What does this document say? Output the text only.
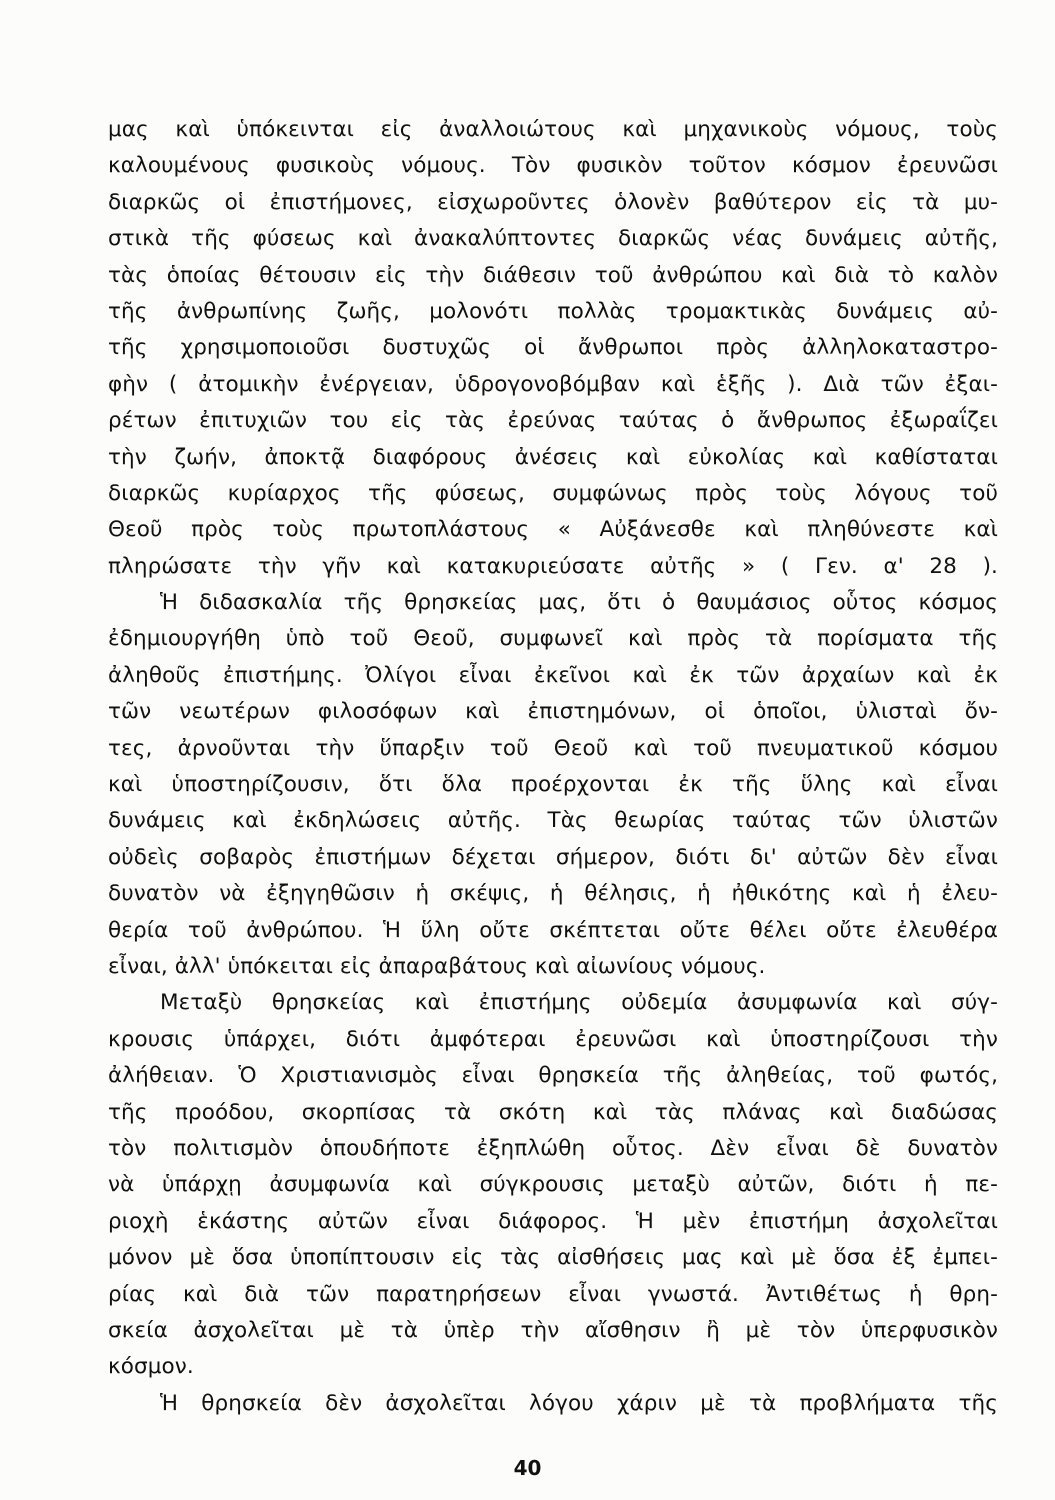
μας καὶ ὑπόκεινται εἰς ἀναλλοιώτους καὶ μηχανικοὺς νόμους, τοὺς
καλουμένους φυσικοὺς νόμους. Τὸν φυσικὸν τοῦτον κόσμον ἐρευνῶσι
διαρκῶς οἱ ἐπιστήμονες, εἰσχωροῦντες ὁλονὲν βαθύτερον εἰς τὰ μυ-
στικὰ τῆς φύσεως καὶ ἀνακαλύπτοντες διαρκῶς νέας δυνάμεις αὐτῆς,
τὰς ὁποίας θέτουσιν εἰς τὴν διάθεσιν τοῦ ἀνθρώπου καὶ διὰ τὸ καλὸν
τῆς ἀνθρωπίνης ζωῆς, μολονότι πολλὰς τρομακτικὰς δυνάμεις αὐ-
τῆς χρησιμοποιοῦσι δυστυχῶς οἱ ἄνθρωποι πρὸς ἀλληλοκαταστρο-
φὴν ( ἀτομικὴν ἐνέργειαν, ὑδρογονοβόμβαν καὶ ἑξῆς ). Διὰ τῶν ἐξαι-
ρέτων ἐπιτυχιῶν του εἰς τὰς ἐρεύνας ταύτας ὁ ἄνθρωπος ἐξωραΐζει
τὴν ζωήν, ἀποκτᾷ διαφόρους ἀνέσεις καὶ εὐκολίας καὶ καθίσταται
διαρκῶς κυρίαρχος τῆς φύσεως, συμφώνως πρὸς τοὺς λόγους τοῦ
Θεοῦ πρὸς τοὺς πρωτοπλάστους « Αὐξάνεσθε καὶ πληθύνεστε καὶ
πληρώσατε τὴν γῆν καὶ κατακυριεύσατε αὐτῆς » ( Γεν. α' 28 ).
Ἡ διδασκαλία τῆς θρησκείας μας, ὅτι ὁ θαυμάσιος οὗτος κόσμος
ἐδημιουργήθη ὑπὸ τοῦ Θεοῦ, συμφωνεῖ καὶ πρὸς τὰ πορίσματα τῆς
ἀληθοῦς ἐπιστήμης. Ὀλίγοι εἶναι ἐκεῖνοι καὶ ἐκ τῶν ἀρχαίων καὶ ἐκ
τῶν νεωτέρων φιλοσόφων καὶ ἐπιστημόνων, οἱ ὁποῖοι, ὑλισταὶ ὄν-
τες, ἀρνοῦνται τὴν ὕπαρξιν τοῦ Θεοῦ καὶ τοῦ πνευματικοῦ κόσμου
καὶ ὑποστηρίζουσιν, ὅτι ὅλα προέρχονται ἐκ τῆς ὕλης καὶ εἶναι
δυνάμεις καὶ ἐκδηλώσεις αὐτῆς. Τὰς θεωρίας ταύτας τῶν ὑλιστῶν
οὐδεὶς σοβαρὸς ἐπιστήμων δέχεται σήμερον, διότι δι' αὐτῶν δὲν εἶναι
δυνατὸν νὰ ἐξηγηθῶσιν ἡ σκέψις, ἡ θέλησις, ἡ ἠθικότης καὶ ἡ ἐλευ-
θερία τοῦ ἀνθρώπου. Ἡ ὕλη οὔτε σκέπτεται οὔτε θέλει οὔτε ἐλευθέρα
εἶναι, ἀλλ' ὑπόκειται εἰς ἀπαραβάτους καὶ αἰωνίους νόμους.
Μεταξὺ θρησκείας καὶ ἐπιστήμης οὐδεμία ἀσυμφωνία καὶ σύγ-
κρουσις ὑπάρχει, διότι ἀμφότεραι ἐρευνῶσι καὶ ὑποστηρίζουσι τὴν
ἀλήθειαν. Ὁ Χριστιανισμὸς εἶναι θρησκεία τῆς ἀληθείας, τοῦ φωτός,
τῆς προόδου, σκορπίσας τὰ σκότη καὶ τὰς πλάνας καὶ διαδώσας
τὸν πολιτισμὸν ὁπουδήποτε ἐξηπλώθη οὗτος. Δὲν εἶναι δὲ δυνατὸν
νὰ ὑπάρχῃ ἀσυμφωνία καὶ σύγκρουσις μεταξὺ αὐτῶν, διότι ἡ πε-
ριοχὴ ἑκάστης αὐτῶν εἶναι διάφορος. Ἡ μὲν ἐπιστήμη ἀσχολεῖται
μόνον μὲ ὅσα ὑποπίπτουσιν εἰς τὰς αἰσθήσεις μας καὶ μὲ ὅσα ἐξ ἐμπει-
ρίας καὶ διὰ τῶν παρατηρήσεων εἶναι γνωστά. Ἀντιθέτως ἡ θρη-
σκεία ἀσχολεῖται μὲ τὰ ὑπὲρ τὴν αἴσθησιν ἢ μὲ τὸν ὑπερφυσικὸν
κόσμον.
Ἡ θρησκεία δὲν ἀσχολεῖται λόγου χάριν μὲ τὰ προβλήματα τῆς
40
